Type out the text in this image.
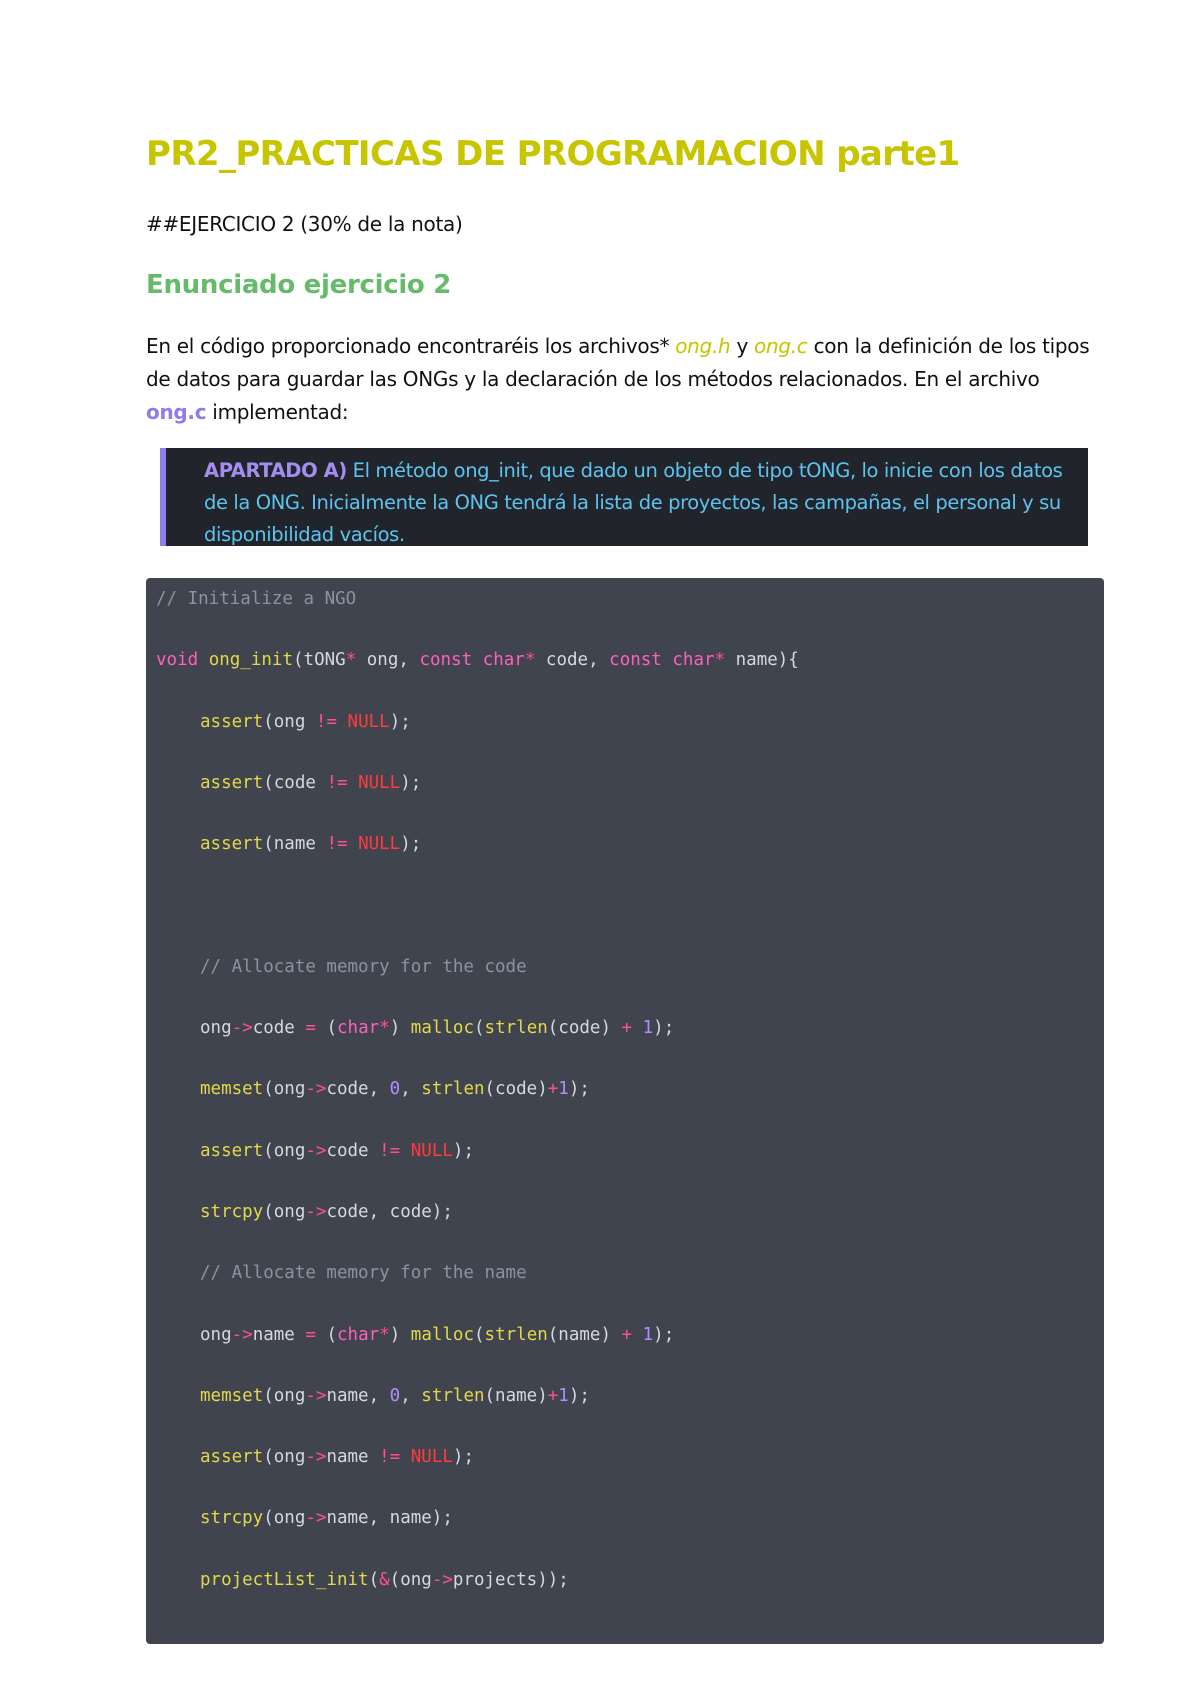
PR2_PRACTICAS DE PROGRAMACION parte1

##EJERCICIO 2 (30% de la nota)

Enunciado ejercicio 2

En el código proporcionado encontraréis los archivos* ong.h y ong.c con la definición de los tipos de datos para guardar las ONGs y la declaración de los métodos relacionados. En el archivo ong.c implementad:

APARTADO A) El método ong_init, que dado un objeto de tipo tONG, lo inicie con los datos de la ONG. Inicialmente la ONG tendrá la lista de proyectos, las campañas, el personal y su disponibilidad vacíos.
// Initialize a NGO
void ong_init(tONG* ong, const char* code, const char* name){
assert(ong != NULL);
assert(code != NULL);
assert(name != NULL);
// Allocate memory for the code
ong->code = (char*) malloc(strlen(code) + 1);
memset(ong->code, 0, strlen(code)+1);
assert(ong->code != NULL);
strcpy(ong->code, code);
// Allocate memory for the name
ong->name = (char*) malloc(strlen(name) + 1);
memset(ong->name, 0, strlen(name)+1);
assert(ong->name != NULL);
strcpy(ong->name, name);
projectList_init(&(ong->projects));
